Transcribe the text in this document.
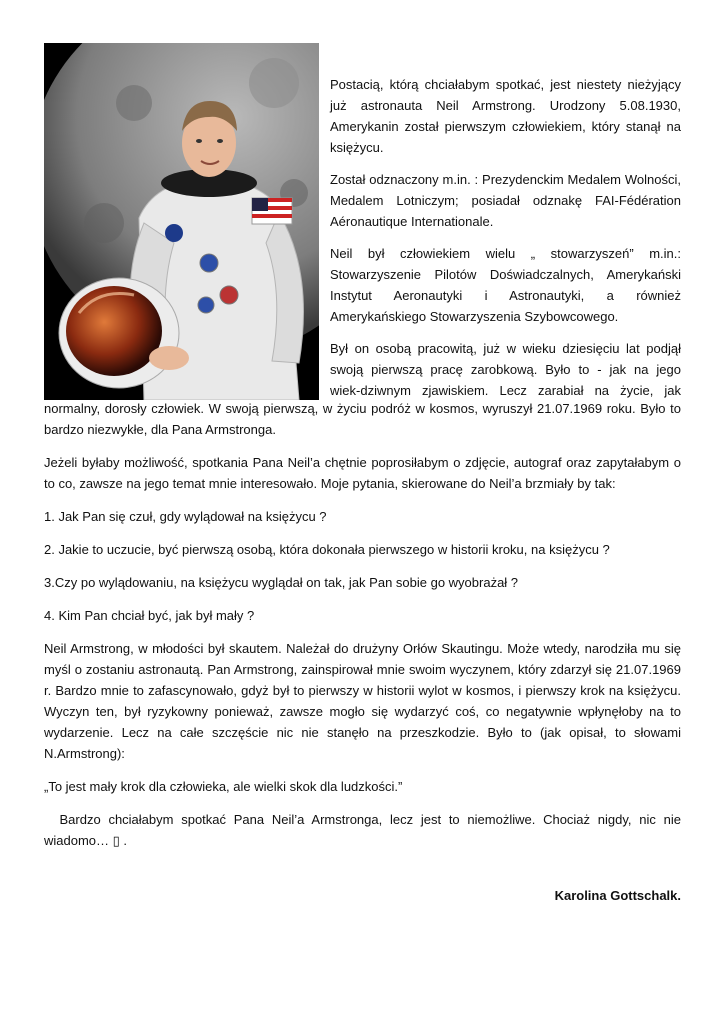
Postacią, którą chciałabym spotkać, jest niestety nieżyjący już astronauta Neil Armstrong. Urodzony 5.08.1930, Amerykanin został pierwszym człowiekiem, który stanął na księżycu.

Został odznaczony m.in. : Prezydenckim Medalem Wolności, Medalem Lotniczym; posiadał odznakę FAI-Fédération Aéronautique Internationale.

Neil był człowiekiem wielu „ stowarzyszeń” m.in.: Stowarzyszenie Pilotów Doświadczalnych, Amerykański Instytut Aeronautyki i Astronautyki, a również Amerykańskiego Stowarzyszenia Szybowcowego.

Był on osobą pracowitą, już w wieku dziesięciu lat podjął
swoją pierwszą pracę zarobkową. Było to - jak na jego
wiek-dziwnym zjawiskiem. Lecz zarabiał na życie, jak

normalny, dorosły człowiek. W swoją pierwszą, w życiu podróż w kosmos, wyruszył 21.07.1969 roku. Było to bardzo niezwykłe, dla Pana Armstronga.

Jeżeli byłaby możliwość, spotkania Pana Neil’a chętnie poprosiłabym o zdjęcie, autograf oraz zapytałabym o to co, zawsze na jego temat mnie interesowało. Moje pytania, skierowane do Neil’a brzmiały by tak:

1. Jak Pan się czuł, gdy wylądował na księżycu ?

2. Jakie to uczucie, być pierwszą osobą, która dokonała pierwszego w historii kroku, na księżycu ?

3.Czy po wylądowaniu, na księżycu wyglądał on tak, jak Pan sobie go wyobrażał ?

4. Kim Pan chciał być, jak był mały ?

Neil Armstrong, w młodości był skautem. Należał do drużyny Orłów Skautingu. Może wtedy, narodziła mu się myśl o zostaniu astronautą. Pan Armstrong, zainspirował mnie swoim wyczynem, który zdarzył się 21.07.1969 r. Bardzo mnie to zafascynowało, gdyż był to pierwszy w historii wylot w kosmos, i pierwszy krok na księżycu. Wyczyn ten, był ryzykowny ponieważ, zawsze mogło się wydarzyć coś, co negatywnie wpłynęłoby na to wydarzenie. Lecz na całe szczęście nic nie stanęło na przeszkodzie. Było to (jak opisał, to słowami N.Armstrong):

„To jest mały krok dla człowieka, ale wielki skok dla ludzkości.”

Bardzo chciałabym spotkać Pana Neil’a Armstronga, lecz jest to niemożliwe. Chociaż nigdy, nic nie wiadomo… ▯ .

Karolina Gottschalk.
